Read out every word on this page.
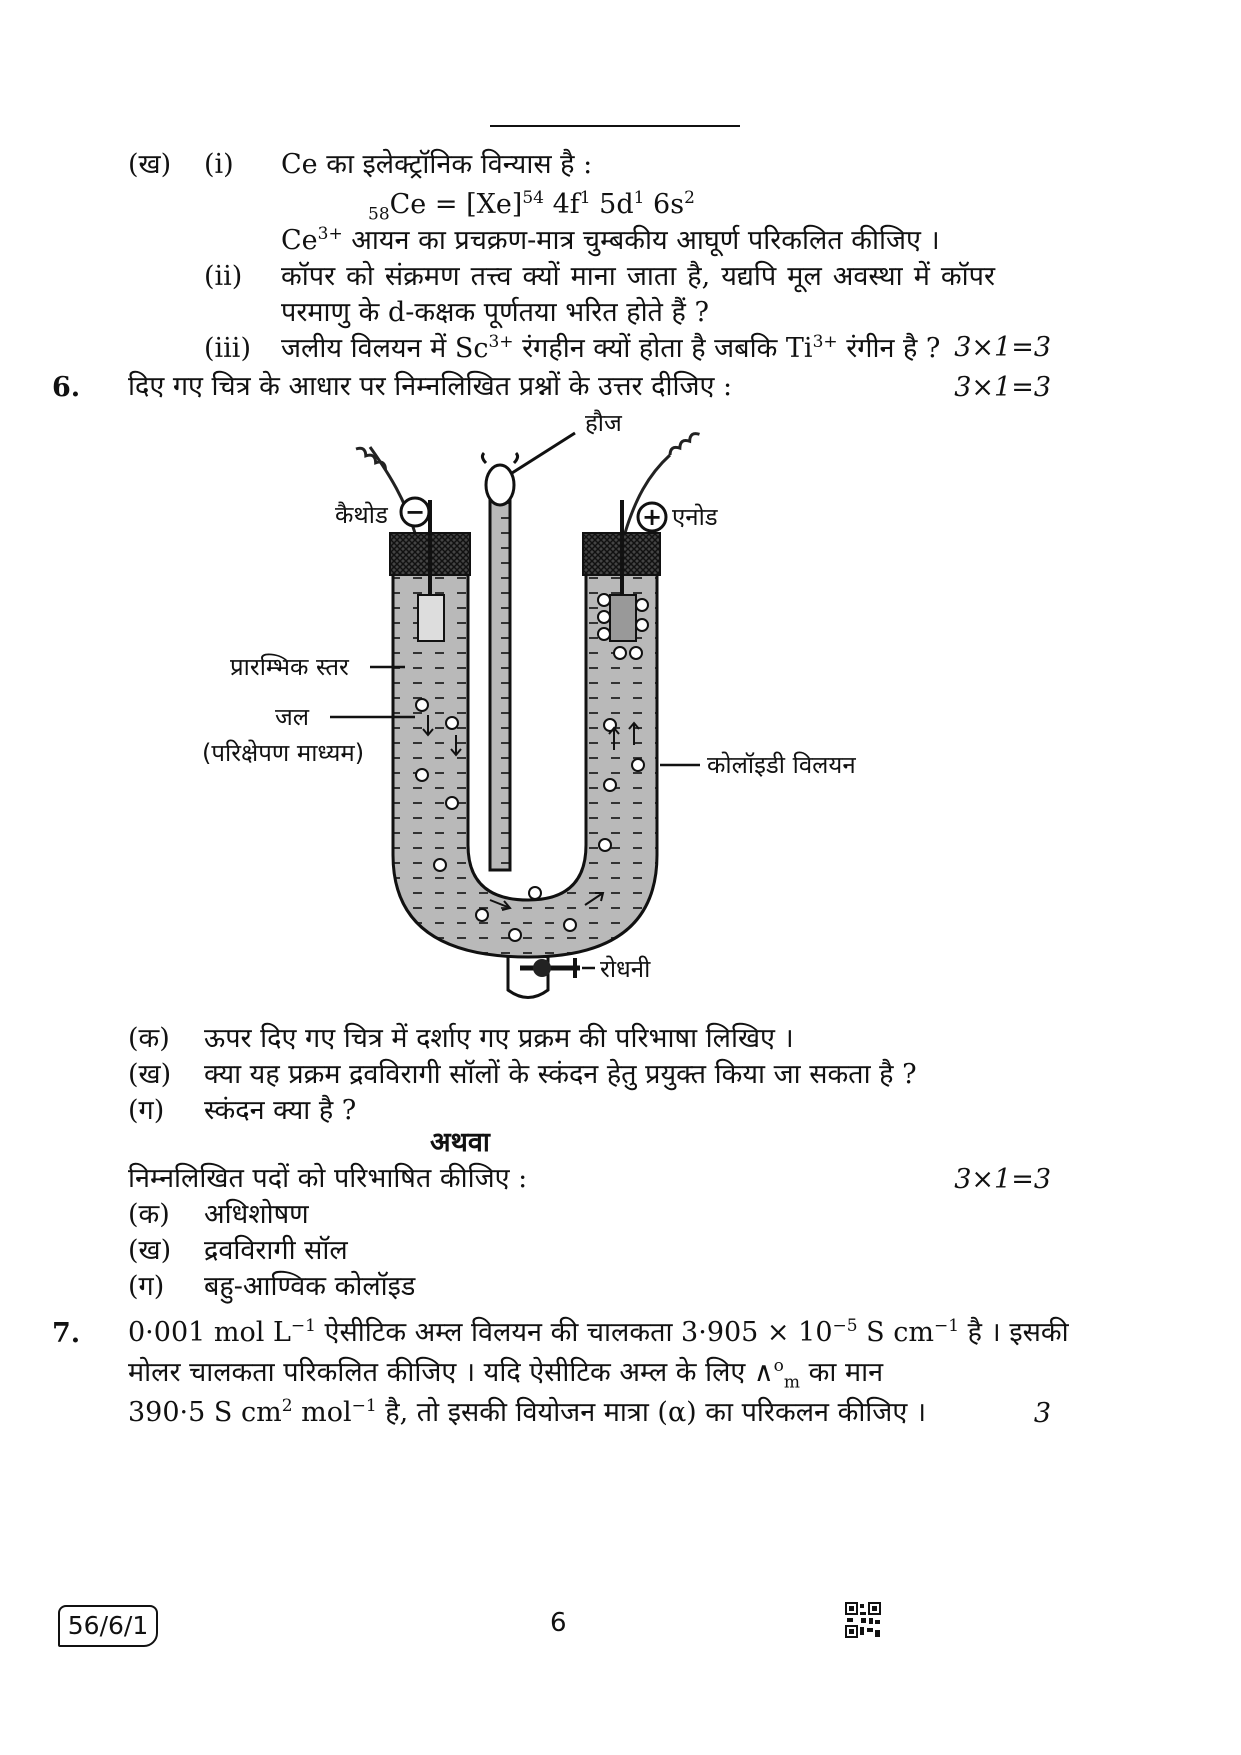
(ख) (i) Ce का इलेक्ट्रॉनिक विन्यास है :
$_{58}Ce = [Xe]^{54}$ $4f^1$ $5d^1$ $6s^2$
$Ce^{3+}$ आयन का प्रचक्रण-मात्र चुम्बकीय आघूर्ण परिकलित कीजिए ।
(ii) कॉपर को संक्रमण तत्त्व क्यों माना जाता है, यद्यपि मूल अवस्था में कॉपर
परमाणु के d-कक्षक पूर्णतया भरित होते हैं ?
(iii) जलीय विलयन में $Sc^{3+}$ रंगहीन क्यों होता है जबकि $Ti^{3+}$ रंगीन है ? 3×1=3
6. दिए गए चित्र के आधार पर निम्नलिखित प्रश्नों के उत्तर दीजिए :	3×1=3
−	+
हौज
कैथोड	एनोड
प्रारम्भिक स्तर
जल
(परिक्षेपण माध्यम)	कोलॉइडी विलयन
रोधनी
(क) ऊपर दिए गए चित्र में दर्शाए गए प्रक्रम की परिभाषा लिखिए ।
(ख) क्या यह प्रक्रम द्रवविरागी सॉलों के स्कंदन हेतु प्रयुक्त किया जा सकता है ?
(ग) स्कंदन क्या है ?
अथवा
निम्नलिखित पदों को परिभाषित कीजिए :	3×1=3
(क) अधिशोषण
(ख) द्रवविरागी सॉल
(ग) बहु-आण्विक कोलॉइड
7. 0·001 mol $L^{-1}$ ऐसीटिक अम्ल विलयन की चालकता $3\cdot 905 \times 10^{-5}$ S $cm^{-1}$ है । इसकी
मोलर चालकता परिकलित कीजिए । यदि ऐसीटिक अम्ल के लिए ∧$^o_m$ का मान
390·5 S $cm^2$ mol$^{-1}$ है, तो इसकी वियोजन मात्रा (α) का परिकलन कीजिए ।	3
56/6/1	6
